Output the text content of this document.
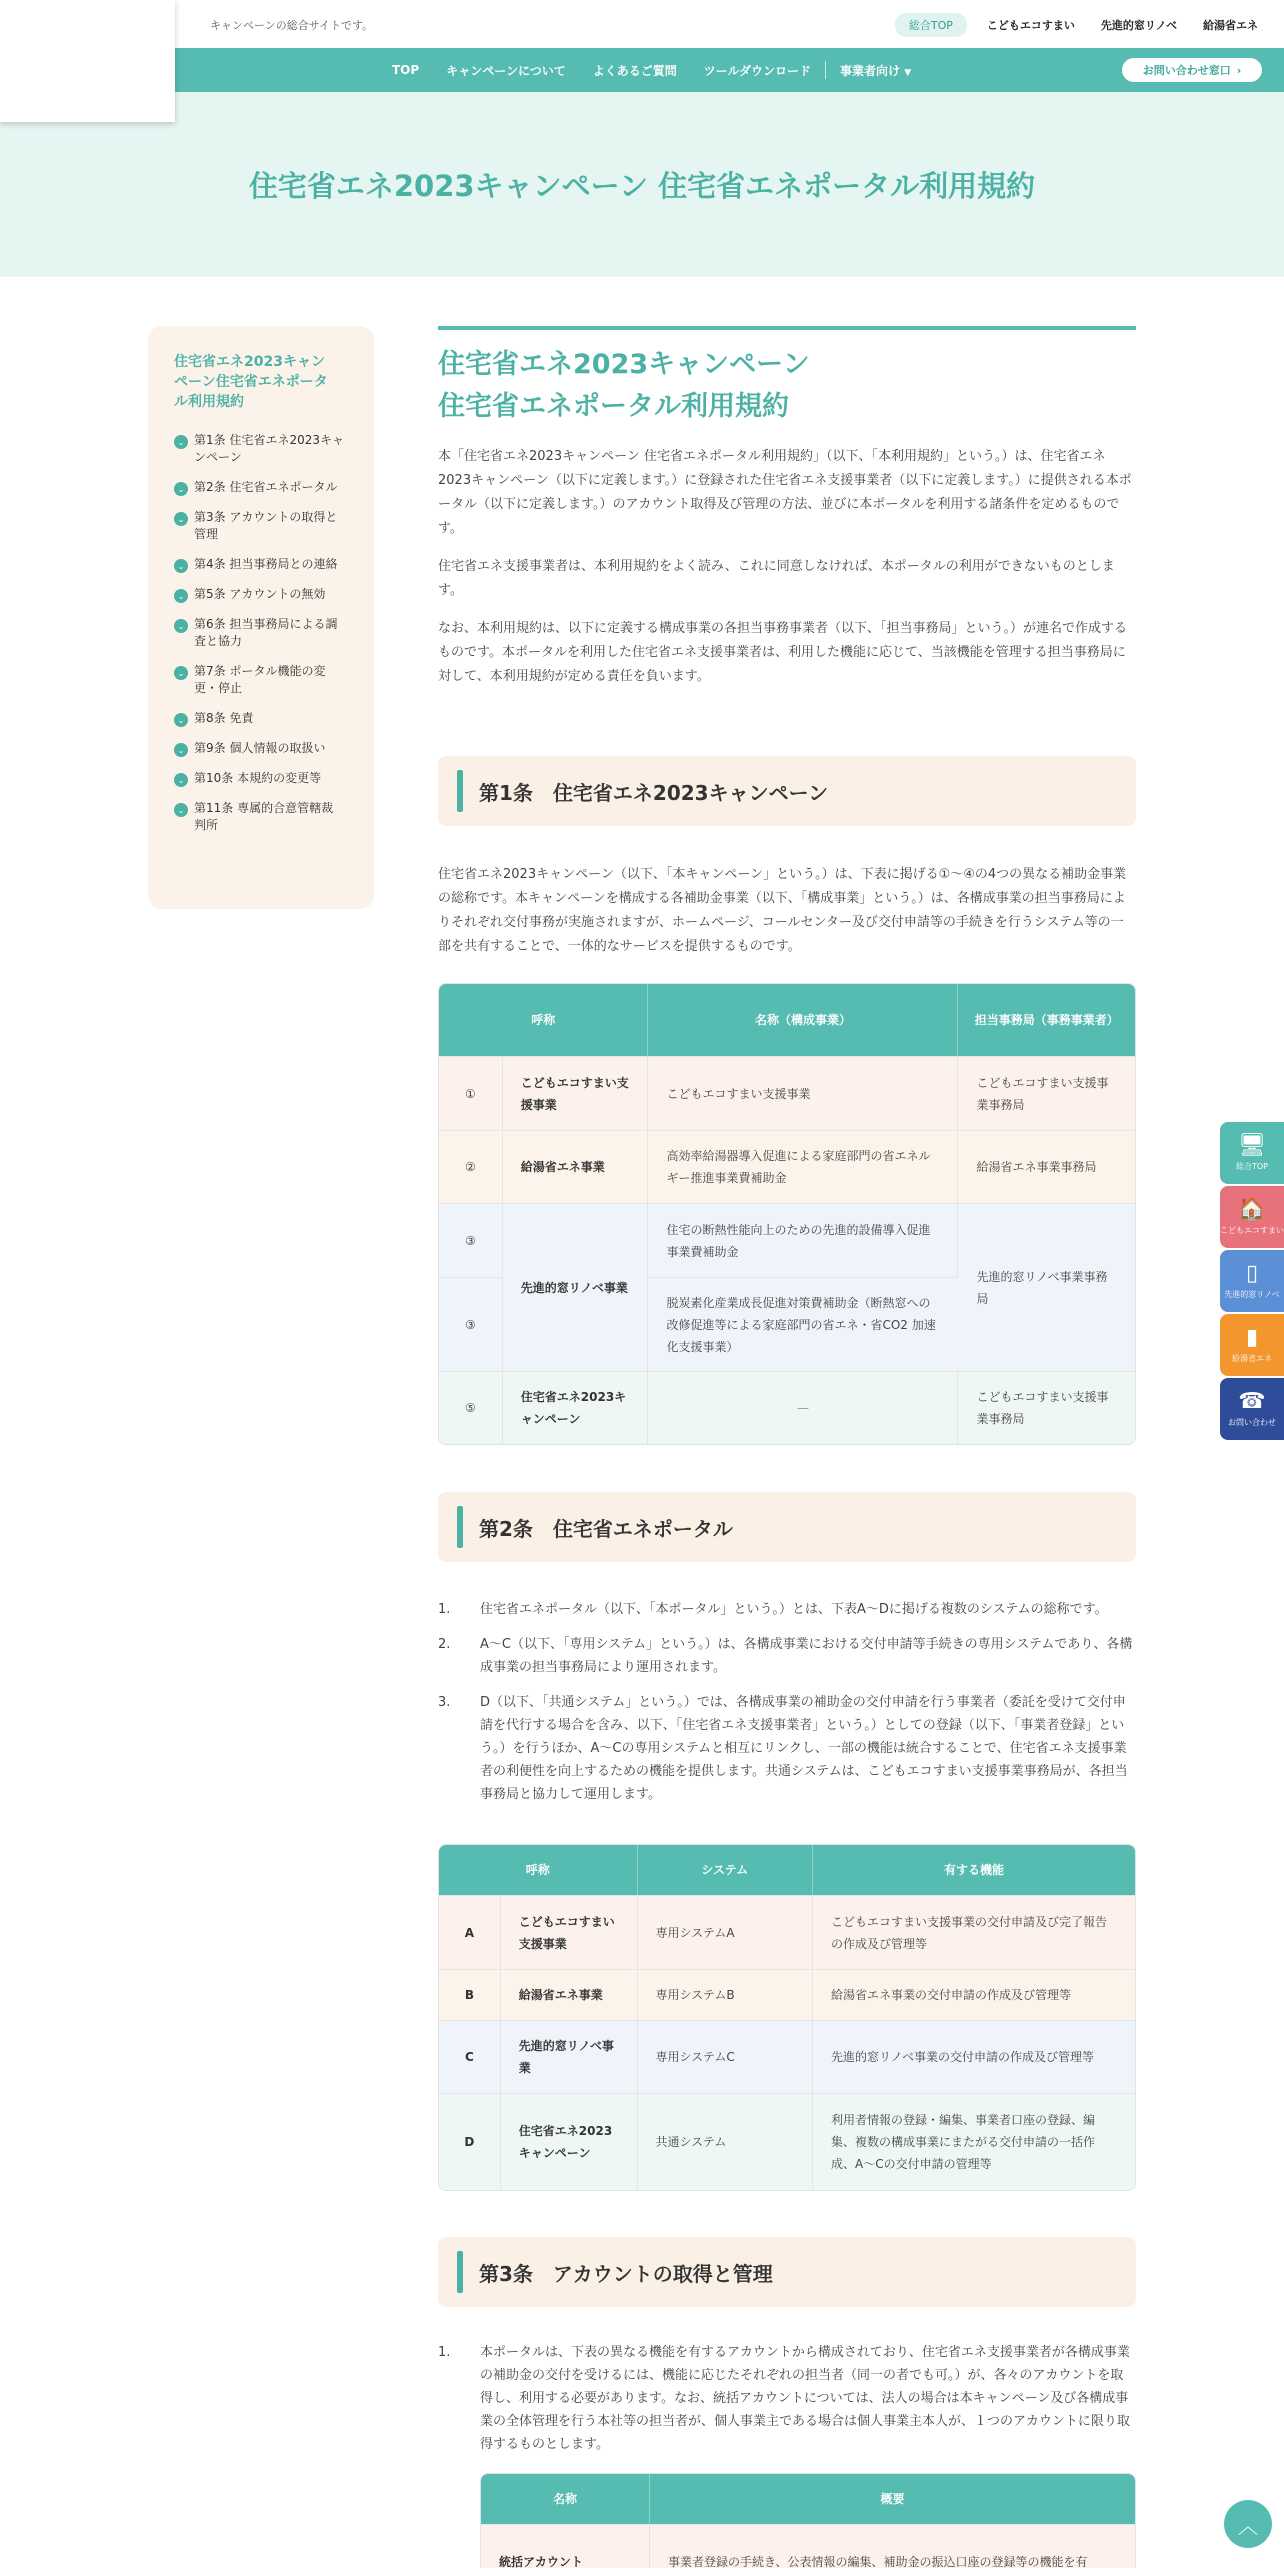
キャンペーンの総合サイトです。	総合TOP	こどもエコすまい	先進的窓リノベ	給湯省エネ
TOP キャンペーンについて よくあるご質問 ツールダウンロード 事業者向け ▼	お問い合わせ窓口 ›
住宅省エネ2023キャンペーン 住宅省エネポータル利用規約
住宅省エネ2023キャンペーン住宅省エネポータル利用規約
⌄ 第1条 住宅省エネ2023キャンペーン
⌄ 第2条 住宅省エネポータル
⌄ 第3条 アカウントの取得と管理
⌄ 第4条 担当事務局との連絡
⌄ 第5条 アカウントの無効
⌄ 第6条 担当事務局による調査と協力
⌄ 第7条 ポータル機能の変更・停止
⌄ 第8条 免責
⌄ 第9条 個人情報の取扱い
⌄ 第10条 本規約の変更等
⌄ 第11条 専属的合意管轄裁判所
住宅省エネ2023キャンペーン
住宅省エネポータル利用規約

本「住宅省エネ2023キャンペーン 住宅省エネポータル利用規約」（以下、「本利用規約」という。）は、住宅省エネ2023キャンペーン（以下に定義します。）に登録された住宅省エネ支援事業者（以下に定義します。）に提供される本ポータル（以下に定義します。）のアカウント取得及び管理の方法、並びに本ポータルを利用する諸条件を定めるものです。

住宅省エネ支援事業者は、本利用規約をよく読み、これに同意しなければ、本ポータルの利用ができないものとします。

なお、本利用規約は、以下に定義する構成事業の各担当事務事業者（以下、「担当事務局」という。）が連名で作成するものです。本ポータルを利用した住宅省エネ支援事業者は、利用した機能に応じて、当該機能を管理する担当事務局に対して、本利用規約が定める責任を負います。

第1条　住宅省エネ2023キャンペーン

住宅省エネ2023キャンペーン（以下、「本キャンペーン」という。）は、下表に掲げる①〜④の4つの異なる補助金事業の総称です。本キャンペーンを構成する各補助金事業（以下、「構成事業」という。）は、各構成事業の担当事務局によりそれぞれ交付事務が実施されますが、ホームページ、コールセンター及び交付申請等の手続きを行うシステム等の一部を共有することで、一体的なサービスを提供するものです。

呼称		名称（構成事業）	担当事務局（事務事業者）
①	こどもエコすまい支援事業	こどもエコすまい支援事業	こどもエコすまい支援事業事務局
②	給湯省エネ事業	高効率給湯器導入促進による家庭部門の省エネルギー推進事業費補助金	給湯省エネ事業事務局
③	先進的窓リノベ事業	住宅の断熱性能向上のための先進的設備導入促進事業費補助金	先進的窓リノベ事業事務局
③		脱炭素化産業成長促進対策費補助金（断熱窓への改修促進等による家庭部門の省エネ・省CO2 加速化支援事業）	
⑤	住宅省エネ2023キャンペーン	—	こどもエコすまい支援事業事務局
第2条　住宅省エネポータル
1.	住宅省エネポータル（以下、「本ポータル」という。）とは、下表A〜Dに掲げる複数のシステムの総称です。
2.	A〜C（以下、「専用システム」という。）は、各構成事業における交付申請等手続きの専用システムであり、各構成事業の担当事務局により運用されます。
3.	D（以下、「共通システム」という。）では、各構成事業の補助金の交付申請を行う事業者（委託を受けて交付申請を代行する場合を含み、以下、「住宅省エネ支援事業者」という。）としての登録（以下、「事業者登録」という。）を行うほか、A〜Cの専用システムと相互にリンクし、一部の機能は統合することで、住宅省エネ支援事業者の利便性を向上するための機能を提供します。共通システムは、こどもエコすまい支援事業事務局が、各担当事務局と協力して運用します。
呼称		システム	有する機能
A	こどもエコすまい支援事業	専用システムA	こどもエコすまい支援事業の交付申請及び完了報告の作成及び管理等
B	給湯省エネ事業	専用システムB	給湯省エネ事業の交付申請の作成及び管理等
C	先進的窓リノベ事業	専用システムC	先進的窓リノベ事業の交付申請の作成及び管理等
D	住宅省エネ2023キャンペーン	共通システム	利用者情報の登録・編集、事業者口座の登録、編集、複数の構成事業にまたがる交付申請の一括作成、A〜Cの交付申請の管理等
第3条　アカウントの取得と管理
1.	本ポータルは、下表の異なる機能を有するアカウントから構成されており、住宅省エネ支援事業者が各構成事業の補助金の交付を受けるには、機能に応じたそれぞれの担当者（同一の者でも可。）が、各々のアカウントを取得し、利用する必要があります。なお、統括アカウントについては、法人の場合は本キャンペーン及び各構成事業の全体管理を行う本社等の担当者が、個人事業主である場合は個人事業主本人が、１つのアカウントに限り取得するものとします。
名称	概要
統括アカウント	事業者登録の手続き、公表情報の編集、補助金の振込口座の登録等の機能を有
🖥
総合TOP
🏠
こどもエコすまい
▯
先進的窓リノベ
▮
給湯省エネ
☎
お問い合わせ
︿
